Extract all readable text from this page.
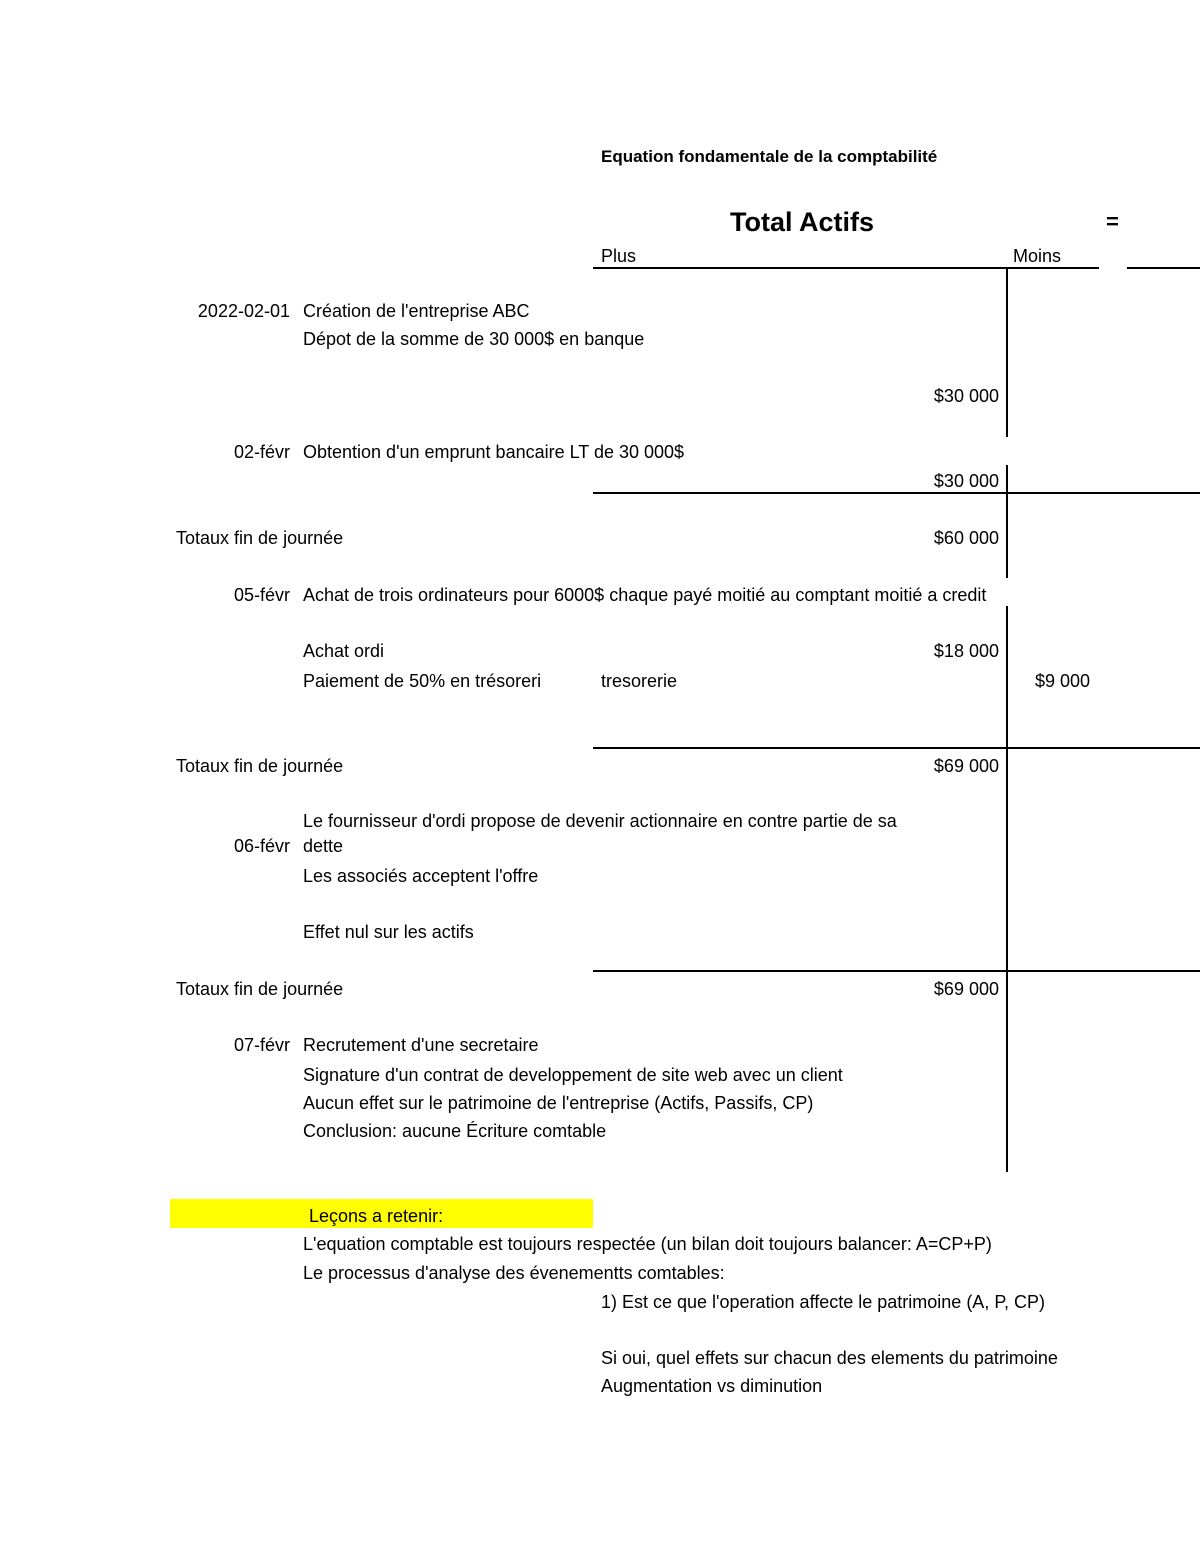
Equation fondamentale de la comptabilité
Total Actifs	=
Plus	Moins
2022-02-01 Création de l'entreprise ABC
Dépot de la somme de 30 000$ en banque
$30 000
02-févr Obtention d'un emprunt bancaire LT de 30 000$
$30 000
Totaux fin de journée	$60 000
05-févr Achat de trois ordinateurs pour 6000$ chaque payé moitié au comptant moitié a credit
Achat ordi	$18 000
Paiement de 50% en trésoreri	tresorerie	$9 000
Totaux fin de journée	$69 000
Le fournisseur d'ordi propose de devenir actionnaire en contre partie de sa
06-févr dette
Les associés acceptent l'offre
Effet nul sur les actifs
Totaux fin de journée	$69 000
07-févr Recrutement d'une secretaire
Signature d'un contrat de developpement de site web avec un client
Aucun effet sur le patrimoine de l'entreprise (Actifs, Passifs, CP)
Conclusion: aucune Écriture comtable
Leçons a retenir:
L'equation comptable est toujours respectée (un bilan doit toujours balancer: A=CP+P)
Le processus d'analyse des évenementts comtables:
1) Est ce que l'operation affecte le patrimoine (A, P, CP)
Si oui, quel effets sur chacun des elements du patrimoine
Augmentation vs diminution
